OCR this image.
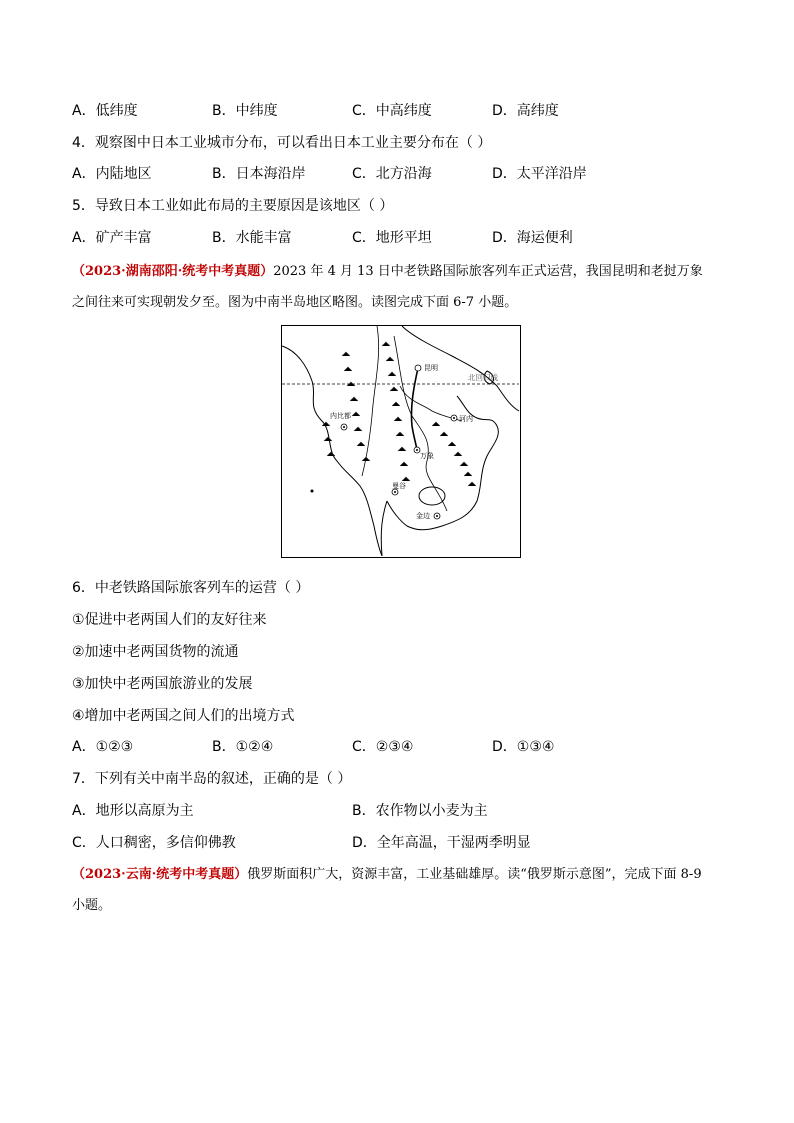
A．低纬度	B．中纬度	C．中高纬度	D．高纬度
4．观察图中日本工业城市分布，可以看出日本工业主要分布在（ ）
A．内陆地区	B．日本海沿岸	C．北方沿海	D．太平洋沿岸
5．导致日本工业如此布局的主要原因是该地区（ ）
A．矿产丰富	B．水能丰富	C．地形平坦	D．海运便利
（2023·湖南邵阳·统考中考真题）2023 年 4 月 13 日中老铁路国际旅客列车正式运营，我国昆明和老挝万象
之间往来可实现朝发夕至。图为中南半岛地区略图。读图完成下面 6-7 小题。
北回归线
昆明
内比都	河内
万象
曼谷
金边
6．中老铁路国际旅客列车的运营（ ）
①促进中老两国人们的友好往来
②加速中老两国货物的流通
③加快中老两国旅游业的发展
④增加中老两国之间人们的出境方式
A．①②③	B．①②④	C．②③④	D．①③④
7．下列有关中南半岛的叙述，正确的是（ ）
A．地形以高原为主	B．农作物以小麦为主
C．人口稠密，多信仰佛教	D．全年高温，干湿两季明显
（2023·云南·统考中考真题）俄罗斯面积广大，资源丰富，工业基础雄厚。读“俄罗斯示意图”，完成下面 8-9
小题。
